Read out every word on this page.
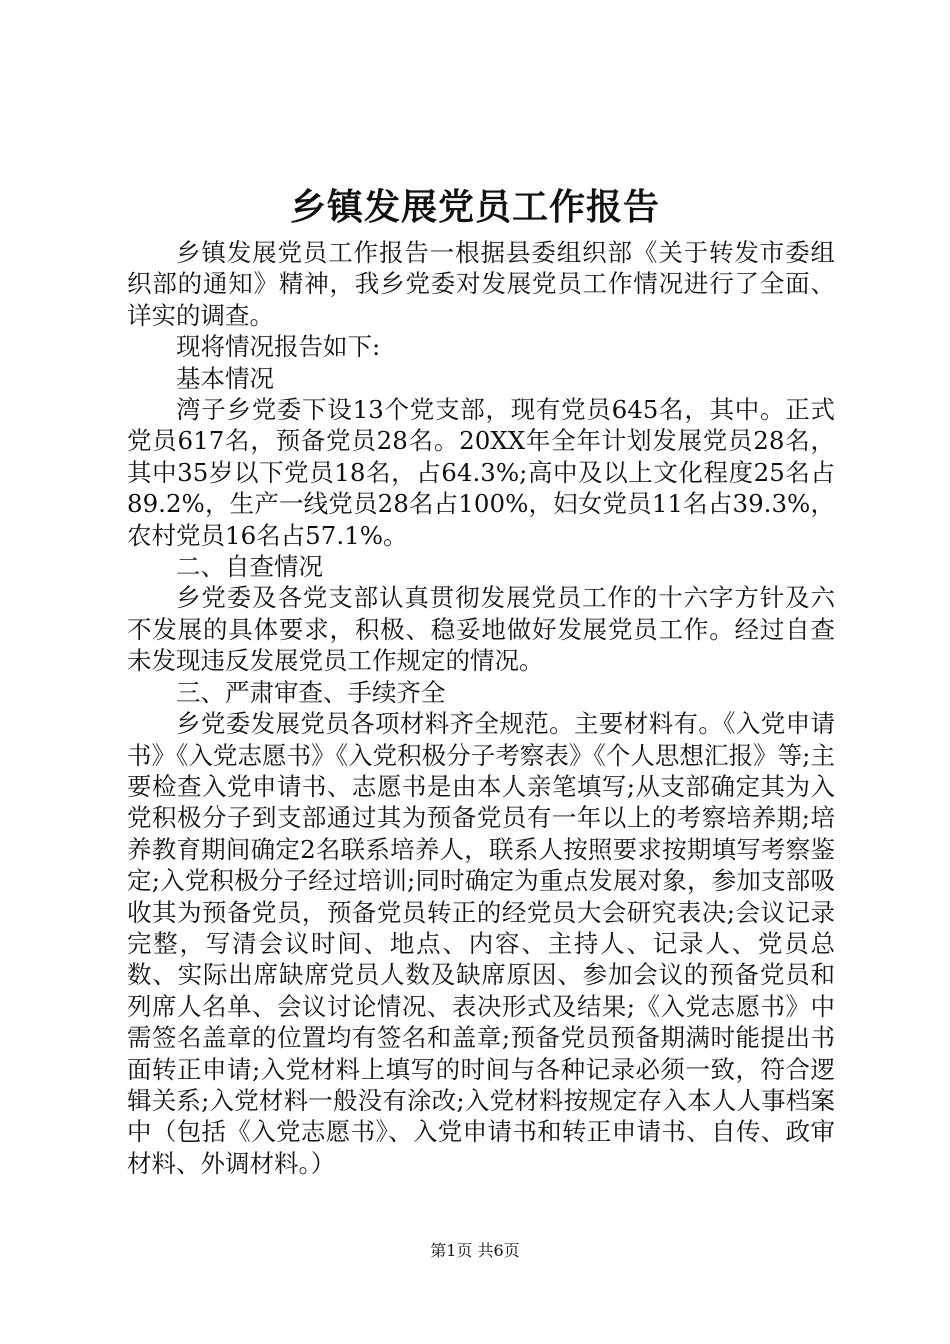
乡镇发展党员工作报告

乡镇发展党员工作报告一根据县委组织部《关于转发市委组织部的通知》精神，我乡党委对发展党员工作情况进行了全面、详实的调查。

现将情况报告如下:

基本情况

湾子乡党委下设13个党支部，现有党员645名，其中。正式党员617名，预备党员28名。20XX年全年计划发展党员28名，其中35岁以下党员18名，占64.3%;高中及以上文化程度25名占89.2%，生产一线党员28名占100%，妇女党员11名占39.3%，农村党员16名占57.1%。

二、自查情况

乡党委及各党支部认真贯彻发展党员工作的十六字方针及六不发展的具体要求，积极、稳妥地做好发展党员工作。经过自查未发现违反发展党员工作规定的情况。

三、严肃审查、手续齐全

乡党委发展党员各项材料齐全规范。主要材料有。《入党申请书》《入党志愿书》《入党积极分子考察表》《个人思想汇报》等;主要检查入党申请书、志愿书是由本人亲笔填写;从支部确定其为入党积极分子到支部通过其为预备党员有一年以上的考察培养期;培养教育期间确定2名联系培养人，联系人按照要求按期填写考察鉴定;入党积极分子经过培训;同时确定为重点发展对象，参加支部吸收其为预备党员，预备党员转正的经党员大会研究表决;会议记录完整，写清会议时间、地点、内容、主持人、记录人、党员总数、实际出席缺席党员人数及缺席原因、参加会议的预备党员和列席人名单、会议讨论情况、表决形式及结果;《入党志愿书》中需签名盖章的位置均有签名和盖章;预备党员预备期满时能提出书面转正申请;入党材料上填写的时间与各种记录必须一致，符合逻辑关系;入党材料一般没有涂改;入党材料按规定存入本人人事档案中（包括《入党志愿书》、入党申请书和转正申请书、自传、政审材料、外调材料。）

第1页 共6页
